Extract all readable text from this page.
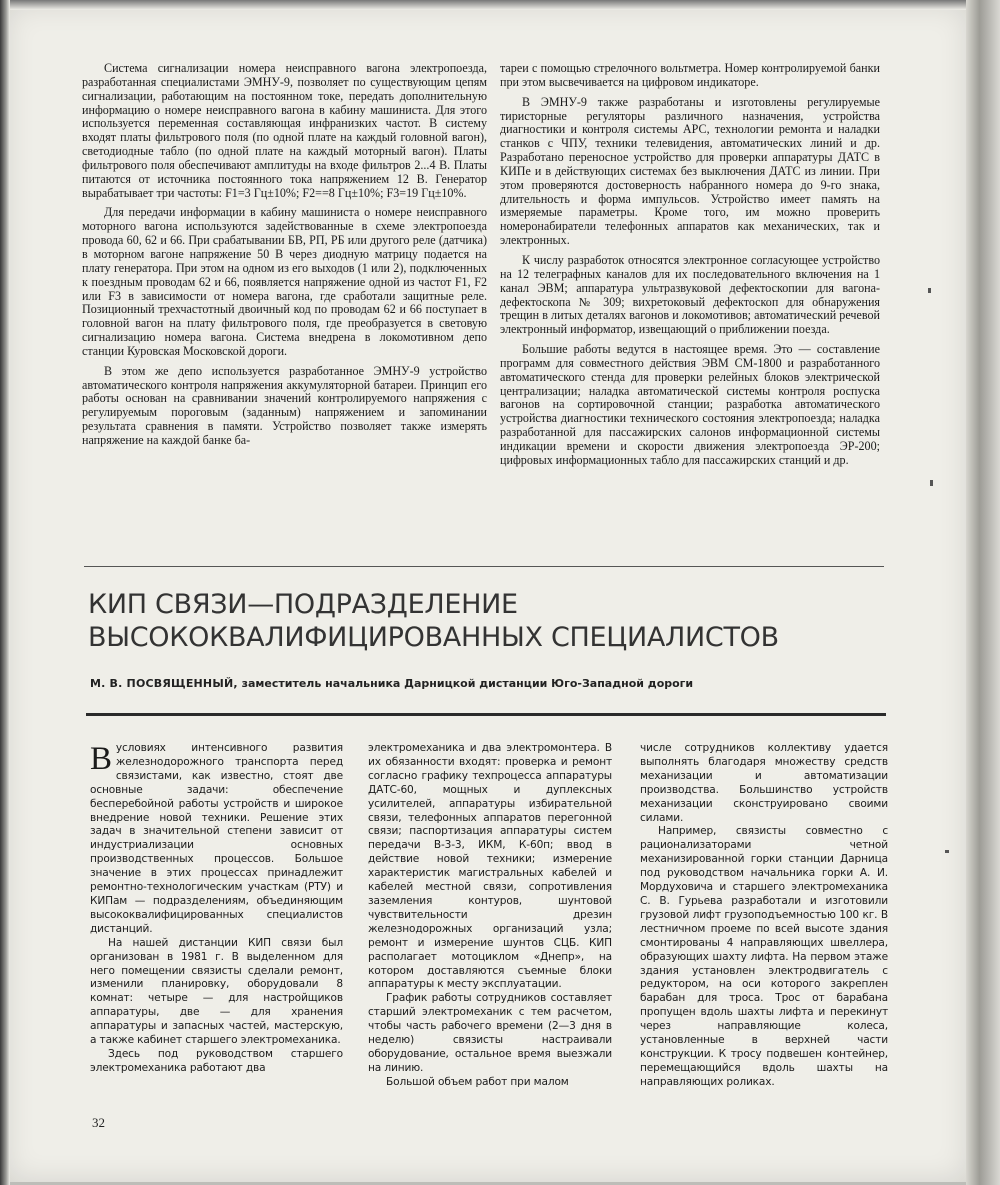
Система сигнализации номера неисправного вагона электропоезда, разработанная специалистами ЭМНУ-9, позволяет по существующим цепям сигнализации, работающим на постоянном токе, передать дополнительную информацию о номере неисправного вагона в кабину машиниста. Для этого используется переменная составляющая инфранизких частот. В систему входят платы фильтрового поля (по одной плате на каждый головной вагон), светодиодные табло (по одной плате на каждый моторный вагон). Платы фильтрового поля обеспечивают амплитуды на входе фильтров 2...4 В. Платы питаются от источника постоянного тока напряжением 12 В. Генератор вырабатывает три частоты: F1=3 Гц±10%; F2==8 Гц±10%; F3=19 Гц±10%.

Для передачи информации в кабину машиниста о номере неисправного моторного вагона используются задействованные в схеме электропоезда провода 60, 62 и 66. При срабатывании БВ, РП, РБ или другого реле (датчика) в моторном вагоне напряжение 50 В через диодную матрицу подается на плату генератора. При этом на одном из его выходов (1 или 2), подключенных к поездным проводам 62 и 66, появляется напряжение одной из частот F1, F2 или F3 в зависимости от номера вагона, где сработали защитные реле. Позиционный трехчастотный двоичный код по проводам 62 и 66 поступает в головной вагон на плату фильтрового поля, где преобразуется в световую сигнализацию номера вагона. Система внедрена в локомотивном депо станции Куровская Московской дороги.

В этом же депо используется разработанное ЭМНУ-9 устройство автоматического контроля напряжения аккумуляторной батареи. Принцип его работы основан на сравнивании значений контролируемого напряжения с регулируемым пороговым (заданным) напряжением и запоминании результата сравнения в памяти. Устройство позволяет также измерять напряжение на каждой банке ба-

тареи с помощью стрелочного вольтметра. Номер контролируемой банки при этом высвечивается на цифровом индикаторе.

В ЭМНУ-9 также разработаны и изготовлены регулируемые тиристорные регуляторы различного назначения, устройства диагностики и контроля системы АРС, технологии ремонта и наладки станков с ЧПУ, техники телевидения, автоматических линий и др. Разработано переносное устройство для проверки аппаратуры ДАТС в КИПе и в действующих системах без выключения ДАТС из линии. При этом проверяются достоверность набранного номера до 9-го знака, длительность и форма импульсов. Устройство имеет память на измеряемые параметры. Кроме того, им можно проверить номеронабиратели телефонных аппаратов как механических, так и электронных.

К числу разработок относятся электронное согласующее устройство на 12 телеграфных каналов для их последовательного включения на 1 канал ЭВМ; аппаратура ультразвуковой дефектоскопии для вагона-дефектоскопа № 309; вихретоковый дефектоскоп для обнаружения трещин в литых деталях вагонов и локомотивов; автоматический речевой электронный информатор, извещающий о приближении поезда.

Большие работы ведутся в настоящее время. Это — составление программ для совместного действия ЭВМ СМ-1800 и разработанного автоматического стенда для проверки релейных блоков электрической централизации; наладка автоматической системы контроля роспуска вагонов на сортировочной станции; разработка автоматического устройства диагностики технического состояния электропоезда; наладка разработанной для пассажирских салонов информационной системы индикации времени и скорости движения электропоезда ЭР-200; цифровых информационных табло для пассажирских станций и др.

КИП СВЯЗИ—ПОДРАЗДЕЛЕНИЕ
ВЫСОКОКВАЛИФИЦИРОВАННЫХ СПЕЦИАЛИСТОВ
М. В. ПОСВЯЩЕННЫЙ, заместитель начальника Дарницкой дистанции Юго-Западной дороги

Вусловиях интенсивного развития железнодорожного транспорта перед связистами, как известно, стоят две основные задачи: обеспечение бесперебойной работы устройств и широкое внедрение новой техники. Решение этих задач в значительной степени зависит от индустриализации основных производственных процессов. Большое значение в этих процессах принадлежит ремонтно-технологическим участкам (РТУ) и КИПам — подразделениям, объединяющим высококвалифицированных специалистов дистанций.

На нашей дистанции КИП связи был организован в 1981 г. В выделенном для него помещении связисты сделали ремонт, изменили планировку, оборудовали 8 комнат: четыре — для настройщиков аппаратуры, две — для хранения аппаратуры и запасных частей, мастерскую, а также кабинет старшего электромеханика.

Здесь под руководством старшего электромеханика работают два

электромеханика и два электромонтера. В их обязанности входят: проверка и ремонт согласно графику техпроцесса аппаратуры ДАТС-60, мощных и дуплексных усилителей, аппаратуры избирательной связи, телефонных аппаратов перегонной связи; паспортизация аппаратуры систем передачи В-3-3, ИКМ, К-60п; ввод в действие новой техники; измерение характеристик магистральных кабелей и кабелей местной связи, сопротивления заземления контуров, шунтовой чувствительности дрезин железнодорожных организаций узла; ремонт и измерение шунтов СЦБ. КИП располагает мотоциклом «Днепр», на котором доставляются съемные блоки аппаратуры к месту эксплуатации.

График работы сотрудников составляет старший электромеханик с тем расчетом, чтобы часть рабочего времени (2—3 дня в неделю) связисты настраивали оборудование, остальное время выезжали на линию.

Большой объем работ при малом

числе сотрудников коллективу удается выполнять благодаря множеству средств механизации и автоматизации производства. Большинство устройств механизации сконструировано своими силами.

Например, связисты совместно с рационализаторами четной механизированной горки станции Дарница под руководством начальника горки А. И. Мордуховича и старшего электромеханика С. В. Гурьева разработали и изготовили грузовой лифт грузоподъемностью 100 кг. В лестничном проеме по всей высоте здания смонтированы 4 направляющих швеллера, образующих шахту лифта. На первом этаже здания установлен электродвигатель с редуктором, на оси которого закреплен барабан для троса. Трос от барабана пропущен вдоль шахты лифта и перекинут через направляющие колеса, установленные в верхней части конструкции. К тросу подвешен контейнер, перемещающийся вдоль шахты на направляющих роликах.

32
